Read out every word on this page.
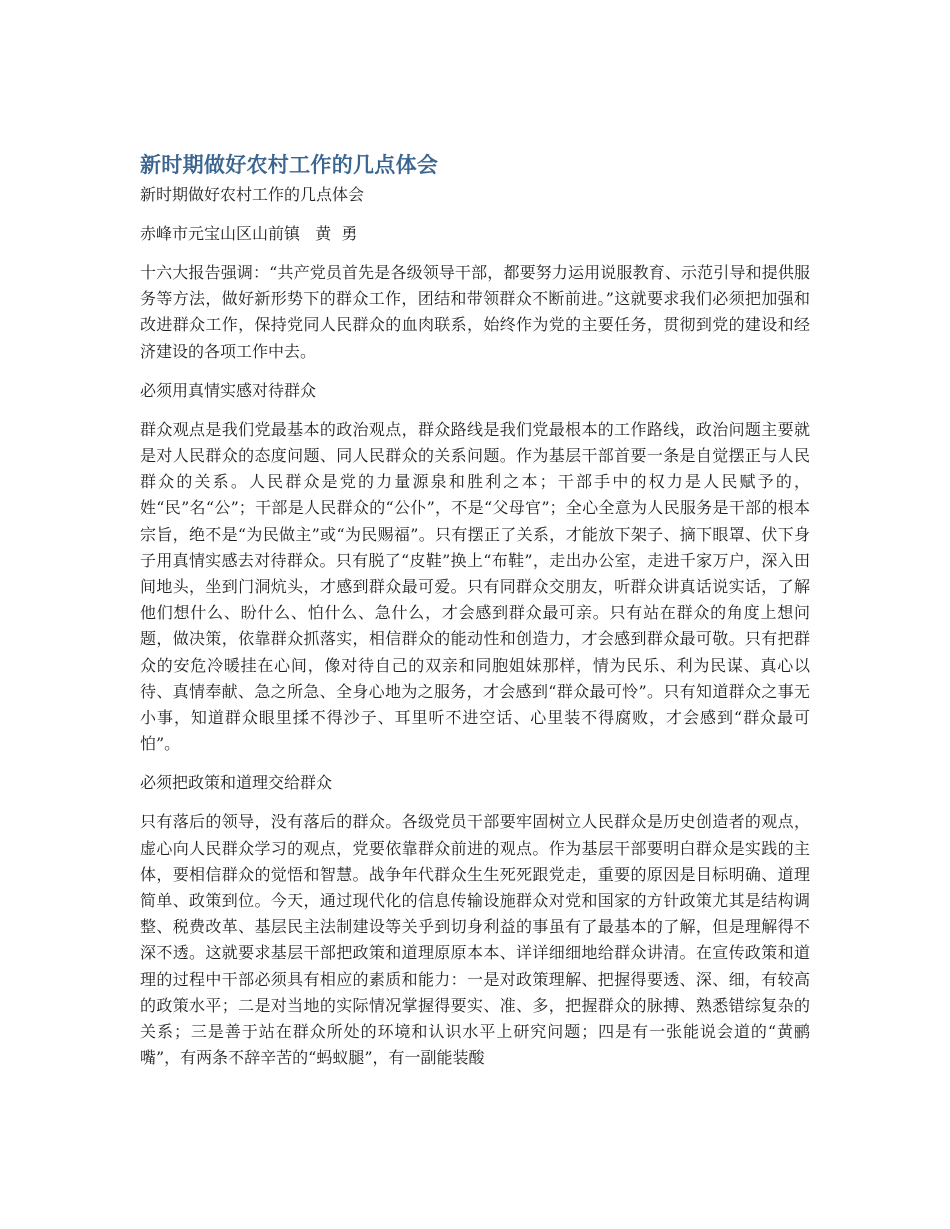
新时期做好农村工作的几点体会

新时期做好农村工作的几点体会

赤峰市元宝山区山前镇   黄  勇

十六大报告强调：“共产党员首先是各级领导干部，都要努力运用说服教育、示范引导和提供服务等方法，做好新形势下的群众工作，团结和带领群众不断前进。”这就要求我们必须把加强和改进群众工作，保持党同人民群众的血肉联系，始终作为党的主要任务，贯彻到党的建设和经济建设的各项工作中去。

必须用真情实感对待群众

群众观点是我们党最基本的政治观点，群众路线是我们党最根本的工作路线，政治问题主要就是对人民群众的态度问题、同人民群众的关系问题。作为基层干部首要一条是自觉摆正与人民群众的关系。人民群众是党的力量源泉和胜利之本；干部手中的权力是人民赋予的，姓“民”名“公”；干部是人民群众的“公仆”，不是“父母官”；全心全意为人民服务是干部的根本宗旨，绝不是“为民做主”或“为民赐福”。只有摆正了关系，才能放下架子、摘下眼罩、伏下身子用真情实感去对待群众。只有脱了“皮鞋”换上“布鞋”，走出办公室，走进千家万户，深入田间地头，坐到门洞炕头，才感到群众最可爱。只有同群众交朋友，听群众讲真话说实话，了解他们想什么、盼什么、怕什么、急什么，才会感到群众最可亲。只有站在群众的角度上想问题，做决策，依靠群众抓落实，相信群众的能动性和创造力，才会感到群众最可敬。只有把群众的安危冷暖挂在心间，像对待自己的双亲和同胞姐妹那样，情为民乐、利为民谋、真心以待、真情奉献、急之所急、全身心地为之服务，才会感到“群众最可怜”。只有知道群众之事无小事，知道群众眼里揉不得沙子、耳里听不进空话、心里装不得腐败，才会感到“群众最可怕”。

必须把政策和道理交给群众

只有落后的领导，没有落后的群众。各级党员干部要牢固树立人民群众是历史创造者的观点，虚心向人民群众学习的观点，党要依靠群众前进的观点。作为基层干部要明白群众是实践的主体，要相信群众的觉悟和智慧。战争年代群众生生死死跟党走，重要的原因是目标明确、道理简单、政策到位。今天，通过现代化的信息传输设施群众对党和国家的方针政策尤其是结构调整、税费改革、基层民主法制建设等关乎到切身利益的事虽有了最基本的了解，但是理解得不深不透。这就要求基层干部把政策和道理原原本本、详详细细地给群众讲清。在宣传政策和道理的过程中干部必须具有相应的素质和能力：一是对政策理解、把握得要透、深、细，有较高的政策水平；二是对当地的实际情况掌握得要实、准、多，把握群众的脉搏、熟悉错综复杂的关系；三是善于站在群众所处的环境和认识水平上研究问题；四是有一张能说会道的“黄鹂嘴”，有两条不辞辛苦的“蚂蚁腿”，有一副能装酸
